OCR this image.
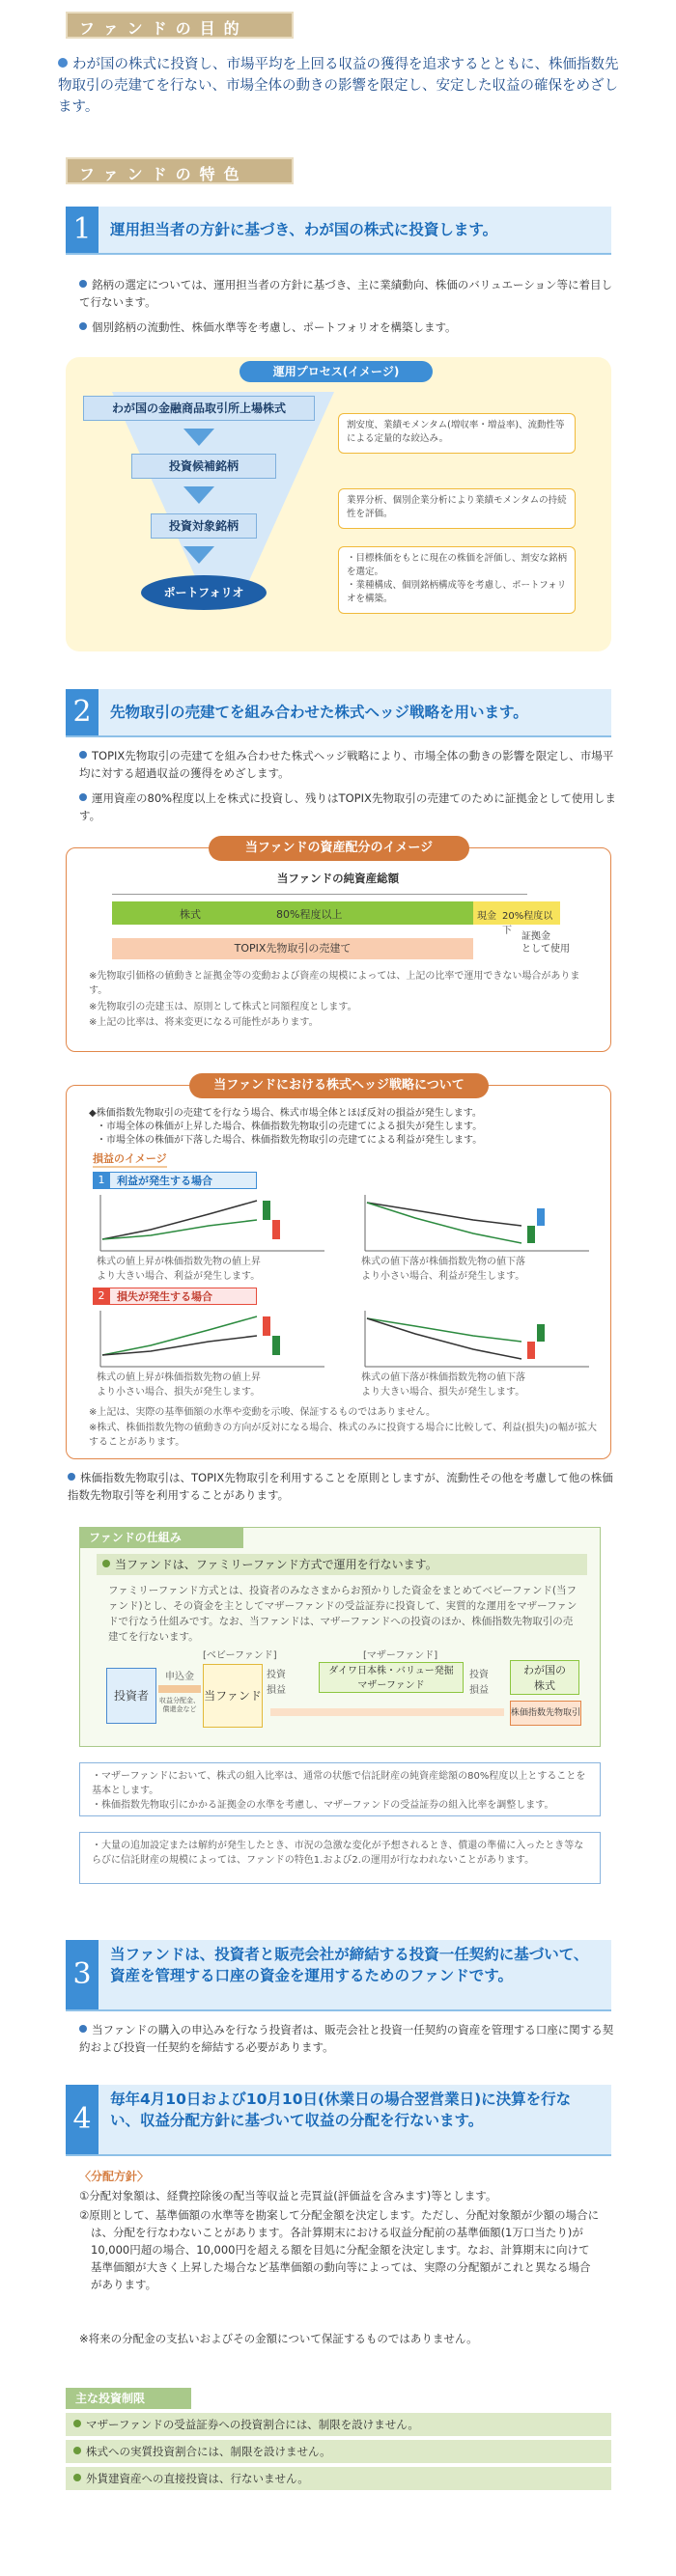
ファンドの目的
わが国の株式に投資し、市場平均を上回る収益の獲得を追求するとともに、株価指数先物取引の売建てを行ない、市場全体の動きの影響を限定し、安定した収益の確保をめざします。
ファンドの特色
1	運用担当者の方針に基づき、わが国の株式に投資します。
銘柄の選定については、運用担当者の方針に基づき、主に業績動向、株価のバリュエーション等に着目して行ないます。
個別銘柄の流動性、株価水準等を考慮し、ポートフォリオを構築します。
運用プロセス(イメージ)
わが国の金融商品取引所上場株式
投資候補銘柄
投資対象銘柄
ポートフォリオ
割安度、業績モメンタム(増収率・増益率)、流動性等による定量的な絞込み。
業界分析、個別企業分析により業績モメンタムの持続性を評価。
・目標株価をもとに現在の株価を評価し、割安な銘柄を選定。
・業種構成、個別銘柄構成等を考慮し、ポートフォリオを構築。
2	先物取引の売建てを組み合わせた株式ヘッジ戦略を用います。
TOPIX先物取引の売建てを組み合わせた株式ヘッジ戦略により、市場全体の動きの影響を限定し、市場平均に対する超過収益の獲得をめざします。
運用資産の80%程度以上を株式に投資し、残りはTOPIX先物取引の売建てのために証拠金として使用します。
当ファンドの資産配分のイメージ
当ファンドの純資産総額
株式	80%程度以上	現金 20%程度以下
証拠金
として使用
TOPIX先物取引の売建て
※先物取引価格の値動きと証拠金等の変動および資産の規模によっては、上記の比率で運用できない場合があります。
※先物取引の売建玉は、原則として株式と同額程度とします。
※上記の比率は、将来変更になる可能性があります。
当ファンドにおける株式ヘッジ戦略について
◆株価指数先物取引の売建てを行なう場合、株式市場全体とほぼ反対の損益が発生します。
・市場全体の株価が上昇した場合、株価指数先物取引の売建てによる損失が発生します。
・市場全体の株価が下落した場合、株価指数先物取引の売建てによる利益が発生します。
損益のイメージ
利益が発生する場合
1
株式の値上昇が株価指数先物の値上昇
より大きい場合、利益が発生します。
株式の値下落が株価指数先物の値下落
より小さい場合、利益が発生します。
損失が発生する場合
2
株式の値上昇が株価指数先物の値上昇
より小さい場合、損失が発生します。
株式の値下落が株価指数先物の値下落
より大きい場合、損失が発生します。
※上記は、実際の基準価額の水準や変動を示唆、保証するものではありません。
※株式、株価指数先物の値動きの方向が反対になる場合、株式のみに投資する場合に比較して、利益(損失)の幅が拡大することがあります。
株価指数先物取引は、TOPIX先物取引を利用することを原則としますが、流動性その他を考慮して他の株価指数先物取引等を利用することがあります。
ファンドの仕組み
当ファンドは、ファミリーファンド方式で運用を行ないます。
ファミリーファンド方式とは、投資者のみなさまからお預かりした資金をまとめてベビーファンド(当ファンド)とし、その資金を主としてマザーファンドの受益証券に投資して、実質的な運用をマザーファンドで行なう仕組みです。なお、当ファンドは、マザーファンドへの投資のほか、株価指数先物取引の売建てを行ないます。
[ベビーファンド]	[マザーファンド]
投資者
申込金
収益分配金、償還金など
当ファンド
投資
損益
ダイワ日本株・バリュー発掘
マザーファンド
投資
損益
わが国の
株式
株価指数先物取引
・マザーファンドにおいて、株式の組入比率は、通常の状態で信託財産の純資産総額の80%程度以上とすることを基本とします。
・株価指数先物取引にかかる証拠金の水準を考慮し、マザーファンドの受益証券の組入比率を調整します。
・大量の追加設定または解約が発生したとき、市況の急激な変化が予想されるとき、償還の準備に入ったとき等ならびに信託財産の規模によっては、ファンドの特色1.および2.の運用が行なわれないことがあります。
3
当ファンドは、投資者と販売会社が締結する投資一任契約に基づいて、資産を管理する口座の資金を運用するためのファンドです。
当ファンドの購入の申込みを行なう投資者は、販売会社と投資一任契約の資産を管理する口座に関する契約および投資一任契約を締結する必要があります。
4
毎年4月10日および10月10日(休業日の場合翌営業日)に決算を行ない、収益分配方針に基づいて収益の分配を行ないます。
〈分配方針〉
①分配対象額は、経費控除後の配当等収益と売買益(評価益を含みます)等とします。
②原則として、基準価額の水準等を勘案して分配金額を決定します。ただし、分配対象額が少額の場合には、分配を行なわないことがあります。各計算期末における収益分配前の基準価額(1万口当たり)が10,000円超の場合、10,000円を超える額を目処に分配金額を決定します。なお、計算期末に向けて基準価額が大きく上昇した場合など基準価額の動向等によっては、実際の分配額がこれと異なる場合があります。
※将来の分配金の支払いおよびその金額について保証するものではありません。
主な投資制限
マザーファンドの受益証券への投資割合には、制限を設けません。
株式への実質投資割合には、制限を設けません。
外貨建資産への直接投資は、行ないません。
